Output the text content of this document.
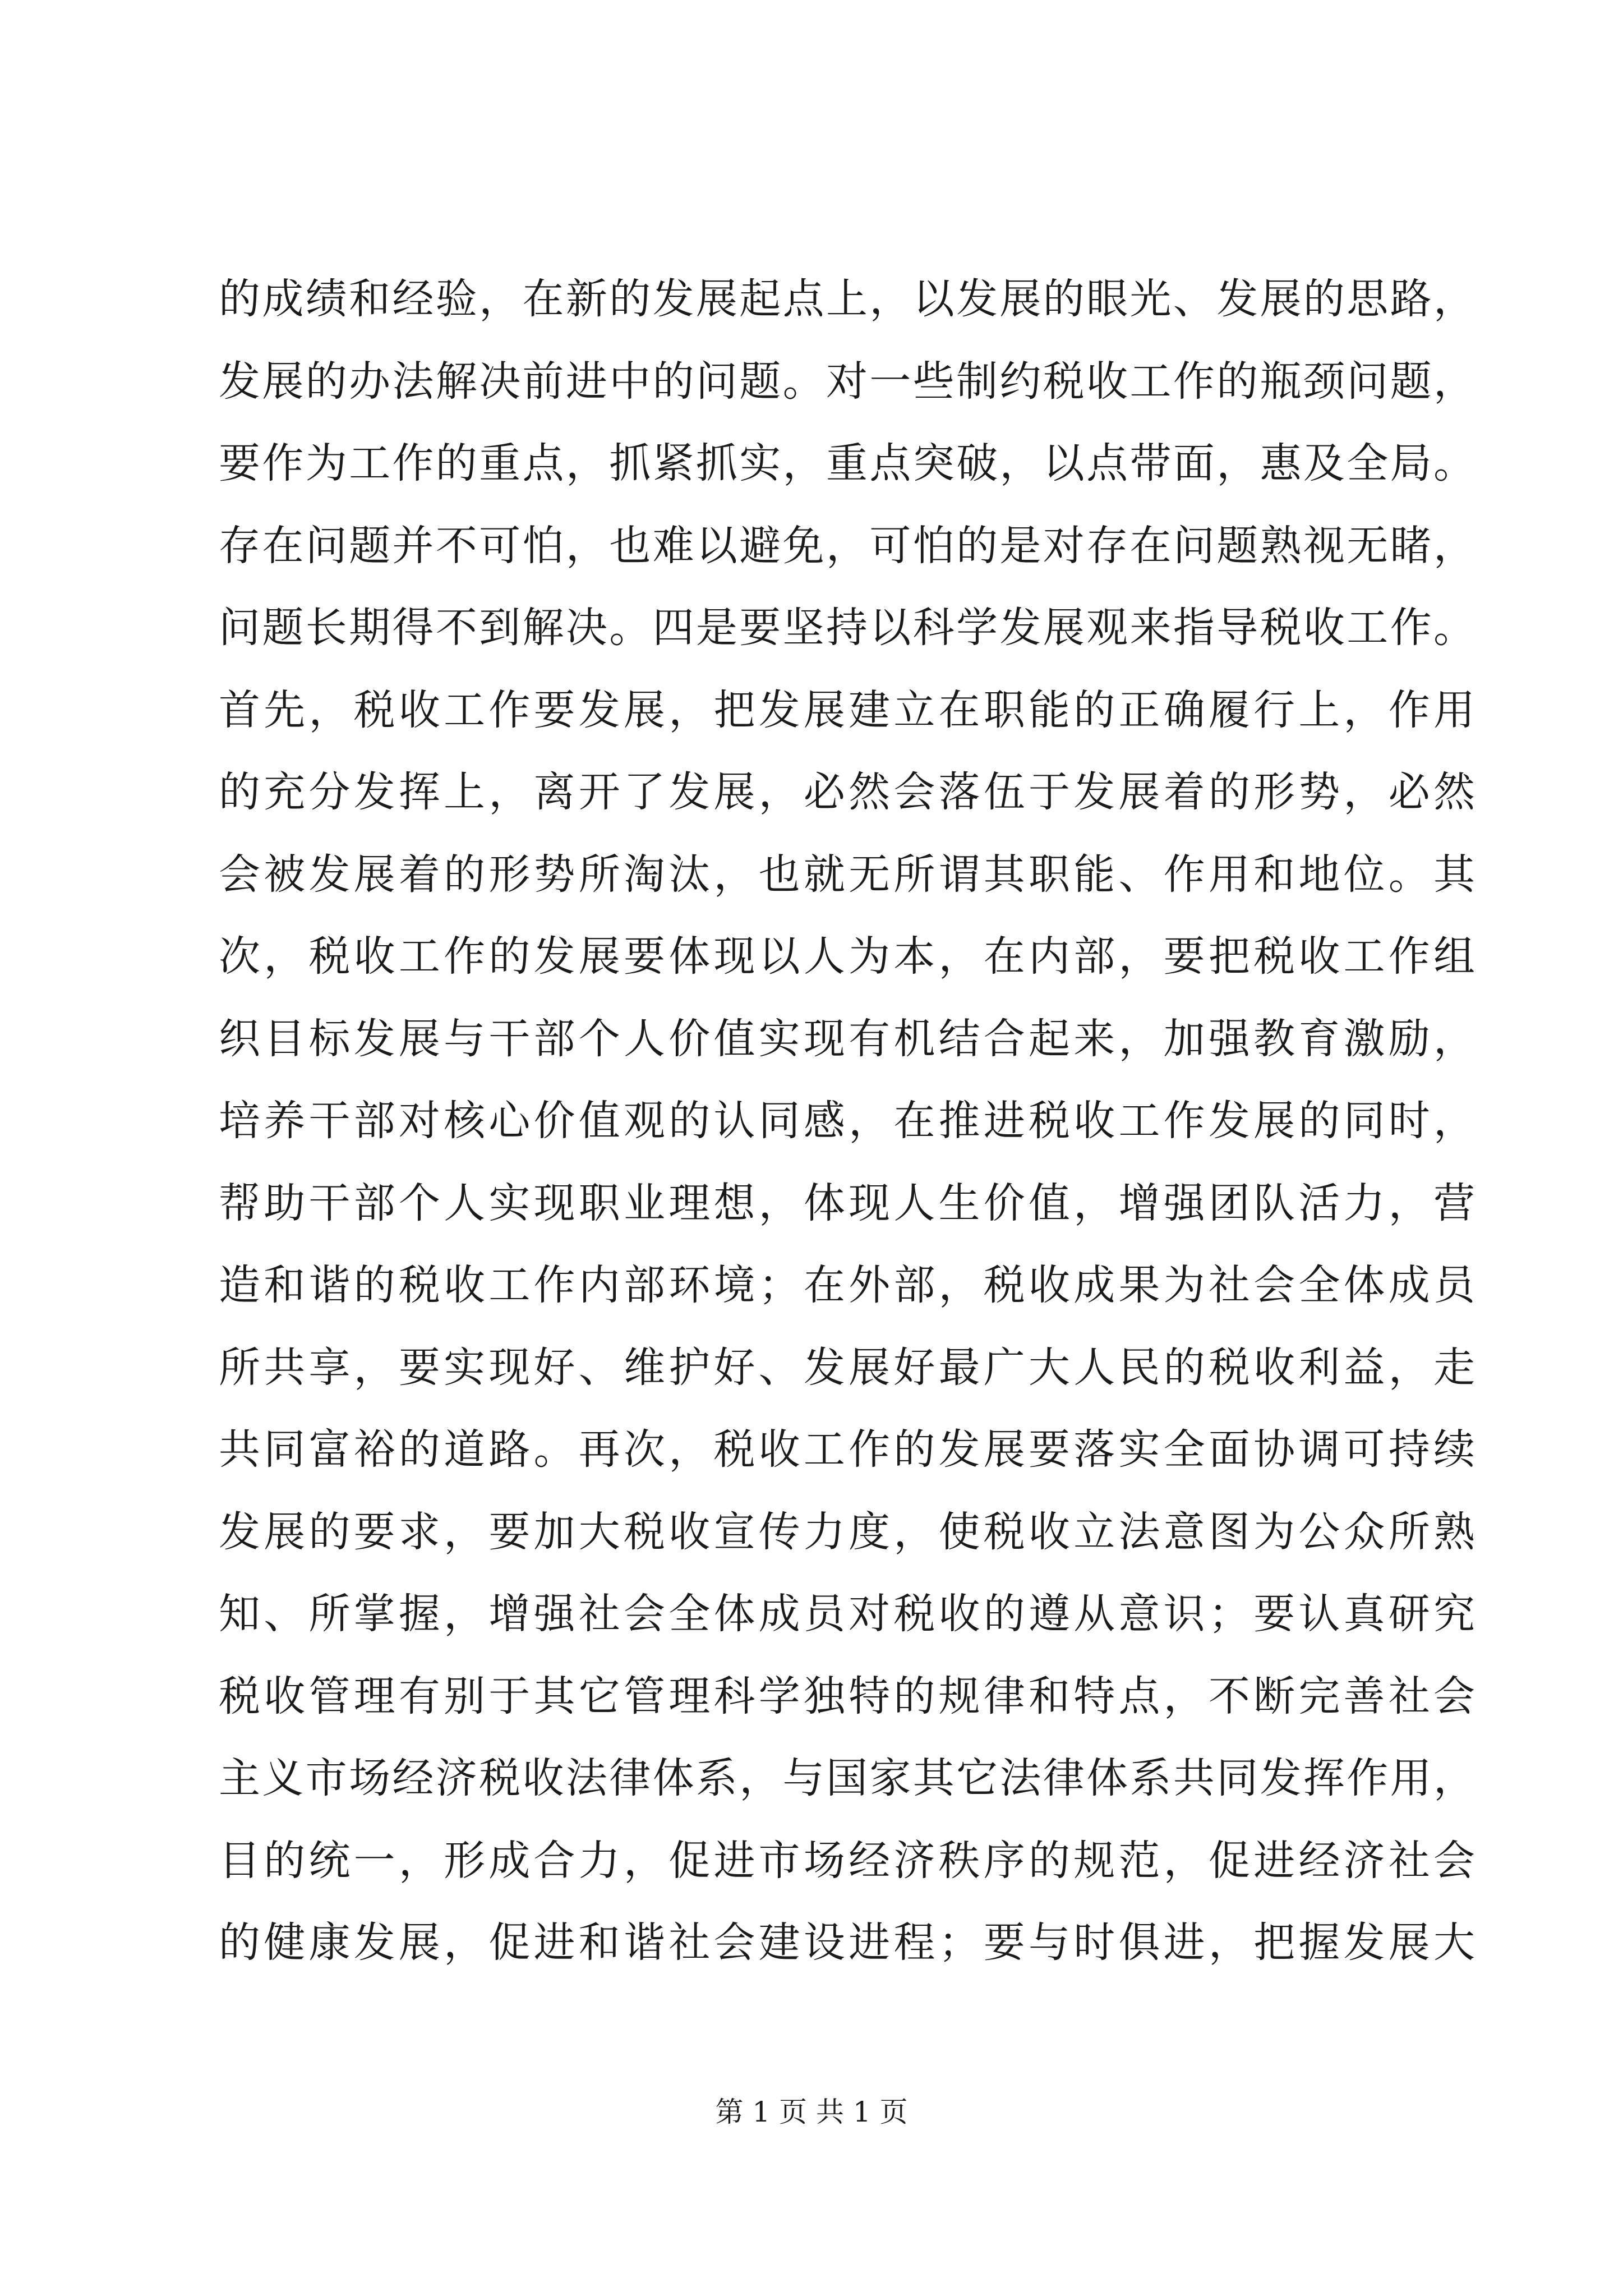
的成绩和经验，在新的发展起点上，以发展的眼光、发展的思路，
发展的办法解决前进中的问题。对一些制约税收工作的瓶颈问题，
要作为工作的重点，抓紧抓实，重点突破，以点带面，惠及全局。
存在问题并不可怕，也难以避免，可怕的是对存在问题熟视无睹，
问题长期得不到解决。四是要坚持以科学发展观来指导税收工作。
首先，税收工作要发展，把发展建立在职能的正确履行上，作用
的充分发挥上，离开了发展，必然会落伍于发展着的形势，必然
会被发展着的形势所淘汰，也就无所谓其职能、作用和地位。其
次，税收工作的发展要体现以人为本，在内部，要把税收工作组
织目标发展与干部个人价值实现有机结合起来，加强教育激励，
培养干部对核心价值观的认同感，在推进税收工作发展的同时，
帮助干部个人实现职业理想，体现人生价值，增强团队活力，营
造和谐的税收工作内部环境；在外部，税收成果为社会全体成员
所共享，要实现好、维护好、发展好最广大人民的税收利益，走
共同富裕的道路。再次，税收工作的发展要落实全面协调可持续
发展的要求，要加大税收宣传力度，使税收立法意图为公众所熟
知、所掌握，增强社会全体成员对税收的遵从意识；要认真研究
税收管理有别于其它管理科学独特的规律和特点，不断完善社会
主义市场经济税收法律体系，与国家其它法律体系共同发挥作用，
目的统一，形成合力，促进市场经济秩序的规范，促进经济社会
的健康发展，促进和谐社会建设进程；要与时俱进，把握发展大
第 1 页 共 1 页
